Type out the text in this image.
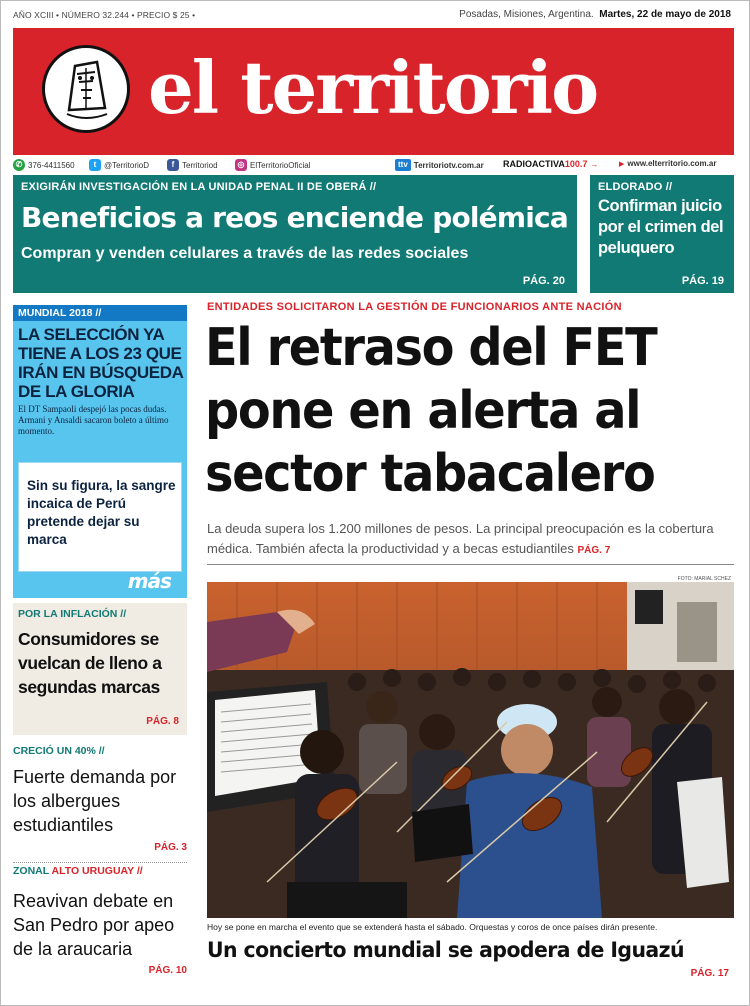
AÑO XCIII • NÚMERO 32.244 • PRECIO $ 25 •	Posadas, Misiones, Argentina. Martes, 22 de mayo de 2018
el territorio
✆ 376-4411560	t @TerritorioD	f Territoriod	◎ ElTerritorioOficial	ttv Territoriotv.com.ar RADIOACTIVA100.7 →	▶ www.elterritorio.com.ar
EXIGIRÁN INVESTIGACIÓN EN LA UNIDAD PENAL II DE OBERÁ //
Beneficios a reos enciende polémica
Compran y venden celulares a través de las redes sociales
PÁG. 20
ELDORADO //
Confirman juicio por el crimen del peluquero
PÁG. 19
MUNDIAL 2018 //
LA SELECCIÓN YA TIENE A LOS 23 QUE IRÁN EN BÚSQUEDA DE LA GLORIA
El DT Sampaoli despejó las pocas dudas. Armani y Ansaldi sacaron boleto a último momento.
Sin su figura, la sangre incaica de Perú pretende dejar su marca
más
POR LA INFLACIÓN //
Consumidores se vuelcan de lleno a segundas marcas
PÁG. 8
CRECIÓ UN 40% //
Fuerte demanda por los albergues estudiantiles
PÁG. 3
ZONAL ALTO URUGUAY //
Reavivan debate en San Pedro por apeo de la araucaria
PÁG. 10
ENTIDADES SOLICITARON LA GESTIÓN DE FUNCIONARIOS ANTE NACIÓN
El retraso del FET pone en alerta al sector tabacalero
La deuda supera los 1.200 millones de pesos. La principal preocupación es la cobertura médica. También afecta la productividad y a becas estudiantiles PÁG. 7
FOTO: MARIAL SCHEZ
Hoy se pone en marcha el evento que se extenderá hasta el sábado. Orquestas y coros de once países dirán presente.
Un concierto mundial se apodera de Iguazú
PÁG. 17
